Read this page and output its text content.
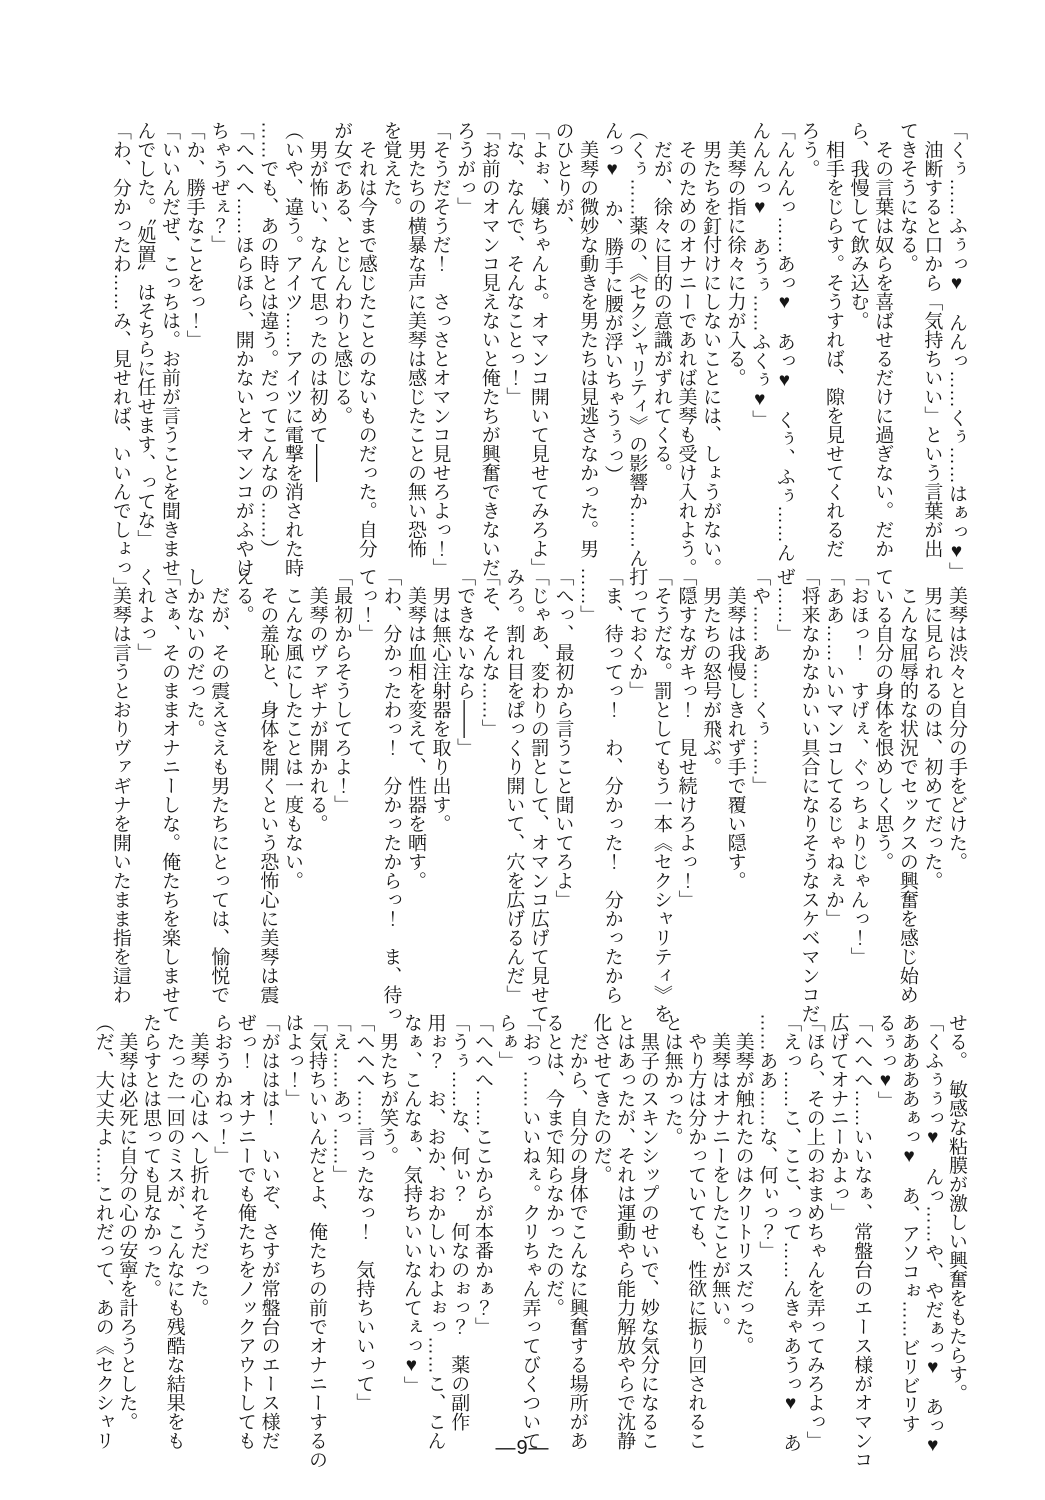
「くぅ……ふぅっ♥　んんっ……くぅ……はぁっ♥」
　油断すると口から「気持ちいい」という言葉が出
てきそうになる。
　その言葉は奴らを喜ばせるだけに過ぎない。だか
ら、我慢して飲み込む。
　相手をじらす。そうすれば、隙を見せてくれるだ
ろう。
「んんんっ……あっ♥　あっ♥　くぅ、ふぅ……ん
んんんっ♥　あうぅ……ふくぅ♥」
　美琴の指に徐々に力が入る。
　男たちを釘付けにしないことには、しょうがない。
　そのためのオナニーであれば美琴も受け入れよう。
　だが、徐々に目的の意識がずれてくる。
（くぅ……薬の、《セクシャリティ》の影響か……ん
んっ♥　か、勝手に腰が浮いちゃうぅっ）
　美琴の微妙な動きを男たちは見逃さなかった。男
のひとりが、
「よぉ、嬢ちゃんよ。オマンコ開いて見せてみろよ」
「な、なんで、そんなことっ！」
「お前のオマンコ見えないと俺たちが興奮できないだ
ろうがっ」
「そうだそうだ！　さっさとオマンコ見せろよっ！」
　男たちの横暴な声に美琴は感じたことの無い恐怖
を覚えた。
　それは今まで感じたことのないものだった。自分
が女である、とじんわりと感じる。
　男が怖い、なんて思ったのは初めて――
（いや、違う。アイツ……アイツに電撃を消された時
……でも、あの時とは違う。だってこんなの……）
「へへへ……ほらほら、開かないとオマンコがふやけ
ちゃうぜぇ？」
「か、勝手なことをっ！」
「いいんだぜ、こっちは。お前が言うことを聞きませ
んでした。〝処置〟はそちらに任せます、ってな」
「わ、分かったわ……み、見せれば、いいんでしょっ」
　美琴は渋々と自分の手をどけた。
　男に見られるのは、初めてだった。
　こんな屈辱的な状況でセックスの興奮を感じ始め
ている自分の身体を恨めしく思う。
「おほっ！　すげぇ、ぐっちょりじゃんっ！」
「ああ……いいマンコしてるじゃねぇか」
「将来なかなかいい具合になりそうなスケベマンコだ
ぜ……」
「や……あ……くぅ……」
　美琴は我慢しきれず手で覆い隠す。
　男たちの怒号が飛ぶ。
「隠すなガキっ！　見せ続けろよっ！」
「そうだな。罰としてもう一本《セクシャリティ》を
打っておくか」
「ま、待ってっ！　わ、分かった！　分かったから
……」
「へっ、最初から言うこと聞いてろよ」
「じゃあ、変わりの罰として、オマンコ広げて見せて
みろ。割れ目をぱっくり開いて、穴を広げるんだ」
「そ、そんな……」
「できないなら――」
　男は無心注射器を取り出す。
　美琴は血相を変えて、性器を晒す。
「わ、分かったわっ！　分かったからっ！　ま、待っ
てっ！」
「最初からそうしてろよ！」
　美琴のヴァギナが開かれる。
　こんな風にしたことは一度もない。
　その羞恥と、身体を開くという恐怖心に美琴は震
える。
　だが、その震えさえも男たちにとっては、愉悦で
しかないのだった。
「さぁ、そのままオナニーしな。俺たちを楽しませて
くれよっ」
　美琴は言うとおりヴァギナを開いたまま指を這わ
せる。　敏感な粘膜が激しい興奮をもたらす。
「くふぅぅっ♥　んっ……や、やだぁっ♥　あっ♥
あああああぁっ♥　あ、アソコぉ……ビリビリす
るぅっ♥」
「へへへ……いいなぁ、常盤台のエース様がオマンコ
広げてオナニーかよっ」
「ほら、その上のおまめちゃんを弄ってみろよっ」
「えっ……こ、ここ、って……んきゃあうっ♥　あ
……ああ……な、何ぃっ？」
　美琴が触れたのはクリトリスだった。
　美琴はオナニーをしたことが無い。
　やり方は分かっていても、性欲に振り回されるこ
とは無かった。
　黒子のスキンシップのせいで、妙な気分になるこ
とはあったが、それは運動やら能力解放やらで沈静
化させてきたのだ。
　だから、自分の身体でこんなに興奮する場所があ
るとは、今まで知らなかったのだ。
「おっ……いいねぇ。クリちゃん弄ってびくついて
らぁ」
「へへへ……ここからが本番かぁ？」
「うぅ……な、何ぃ？　何なのぉっ？　薬の副作
用ぉ？　お、おか、おかしいわよぉっ……こ、こん
なぁ、こんなぁ、気持ちいいなんてぇっ♥」
　男たちが笑う。
「へへへ……言ったなっ！　気持ちいいって」
「え……あっ……」
「気持ちいいんだとよ、俺たちの前でオナニーするの
はよっ！」
「がははは！　いいぞ、さすが常盤台のエース様だ
ぜっ！　オナニーでも俺たちをノックアウトしても
らおうかねっ！」
　美琴の心はへし折れそうだった。
　たった一回のミスが、こんなにも残酷な結果をも
たらすとは思っても見なかった。
　美琴は必死に自分の心の安寧を計ろうとした。
（だ、大丈夫よ……これだって、あの《セクシャリ	―9―
